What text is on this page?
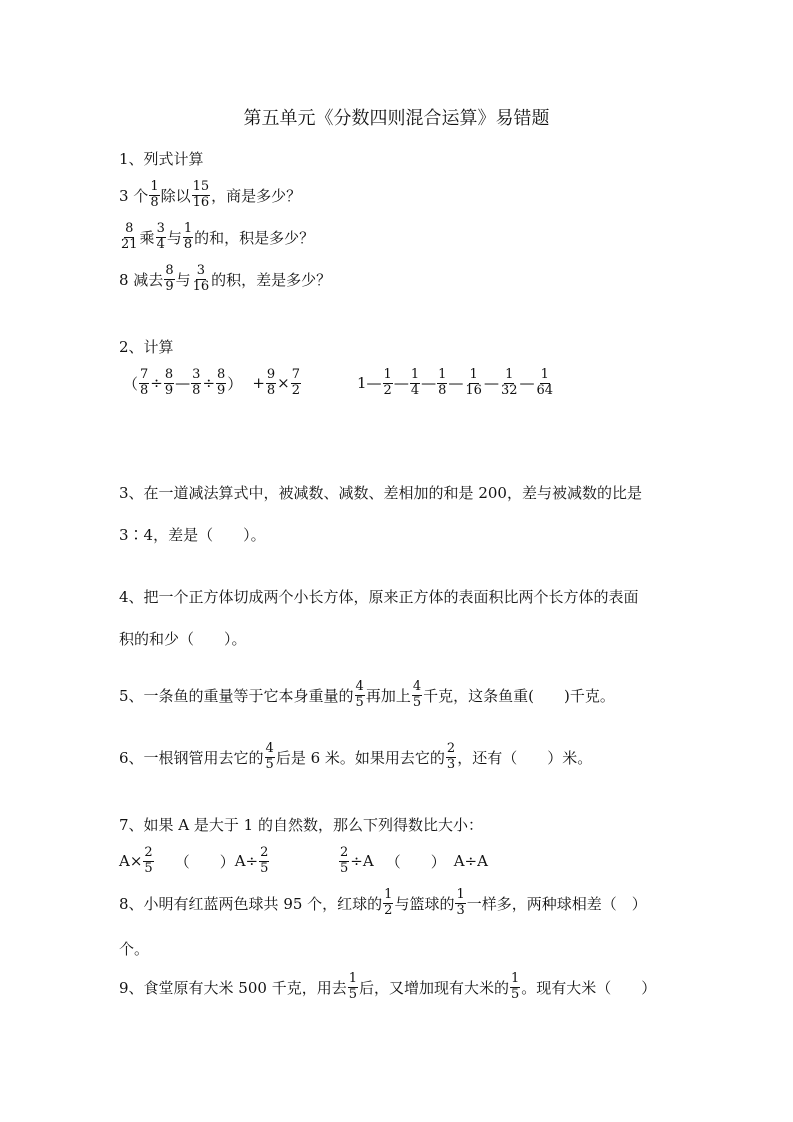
第五单元《分数四则混合运算》易错题
1、列式计算
3 个 $\frac{1}{8}$ 除以 $\frac{15}{16}$ ，商是多少？
$\frac{8}{21}$ 乘 $\frac{3}{4}$ 与 $\frac{1}{8}$ 的和，积是多少？
8 减去 $\frac{8}{9}$ 与 $\frac{3}{16}$ 的积，差是多少？
2、计算
（ $\frac{7}{8} \div \frac{8}{9}$ — $\frac{3}{8} \div \frac{8}{9}$ ） + $\frac{9}{8} \times \frac{7}{2}$	1— $\frac{1}{2}$ — $\frac{1}{4}$ — $\frac{1}{8}$ — $\frac{1}{16}$ — $\frac{1}{32}$ — $\frac{1}{64}$
3、在一道减法算式中，被减数、减数、差相加的和是 200，差与被减数的比是
3∶4，差是（　　）。
4、把一个正方体切成两个小长方体，原来正方体的表面积比两个长方体的表面
积的和少（　　）。
5、一条鱼的重量等于它本身重量的 $\frac{4}{5}$ 再加上 $\frac{4}{5}$ 千克，这条鱼重(　　)千克。
6、一根钢管用去它的 $\frac{4}{5}$ 后是 6 米。如果用去它的 $\frac{2}{3}$ ，还有（　　）米。
7、如果 A 是大于 1 的自然数，那么下列得数比大小：
$A\times \frac{2}{5}$ （　　） $A\div \frac{2}{5}$	$\frac{2}{5} \div A$ （　　） A÷A
8、小明有红蓝两色球共 95 个，红球的 $\frac{1}{2}$ 与篮球的 $\frac{1}{3}$ 一样多，两种球相差（　）
个。
9、食堂原有大米 500 千克，用去 $\frac{1}{5}$ 后，又增加现有大米的 $\frac{1}{5}$ 。现有大米（　　）
